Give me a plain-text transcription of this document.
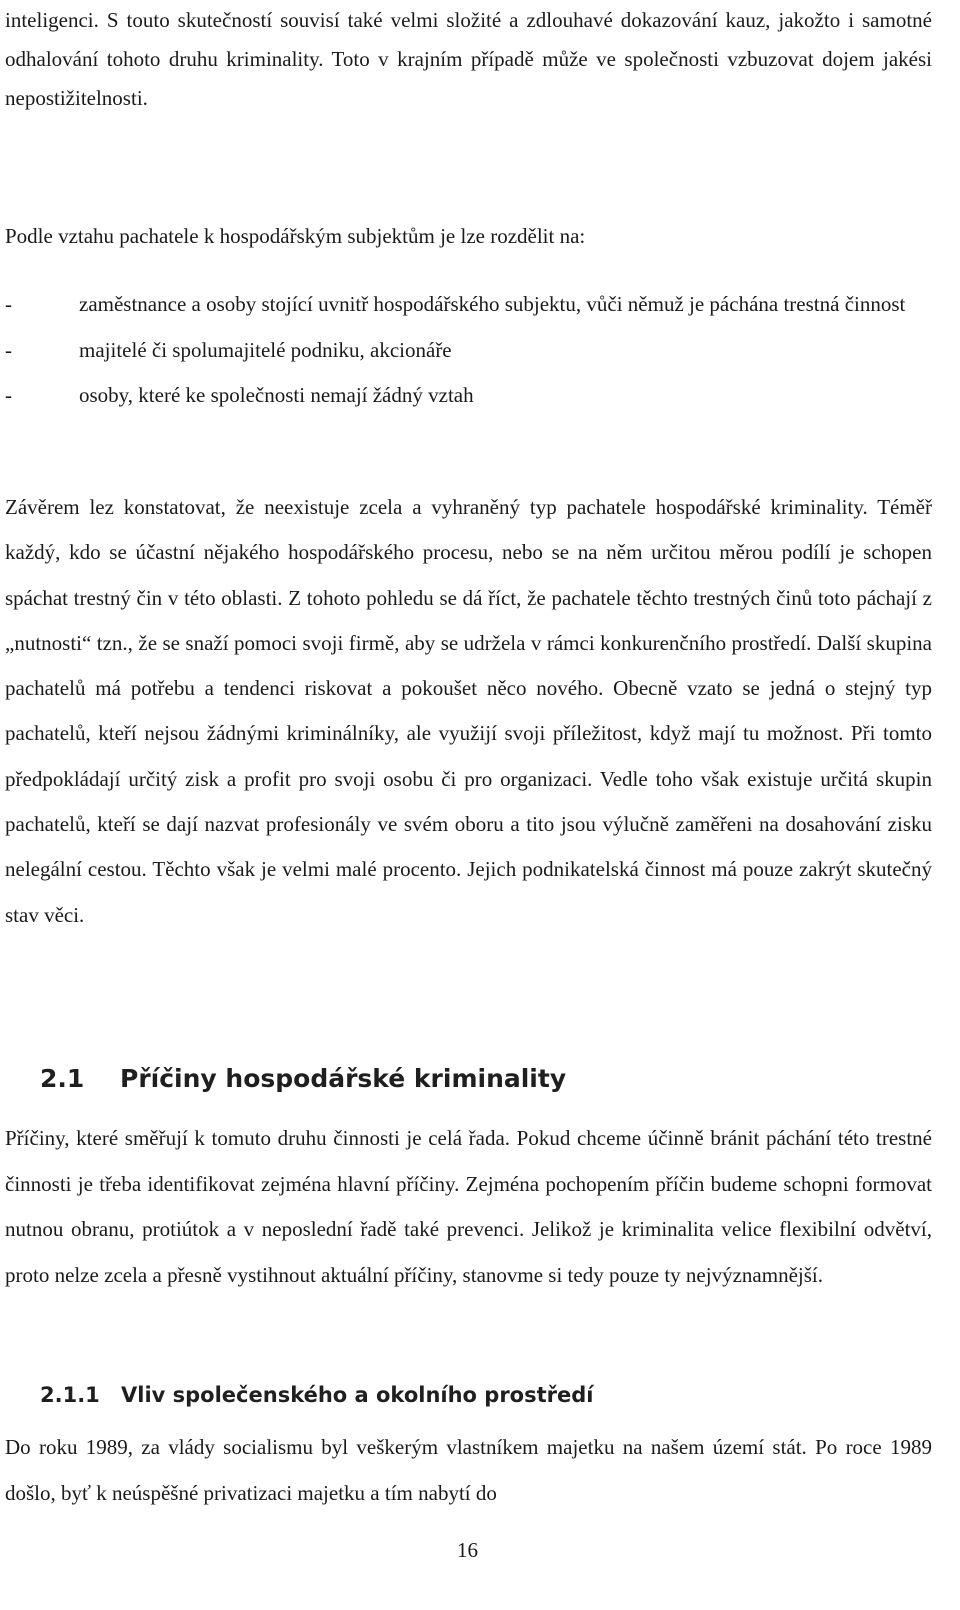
inteligenci. S touto skutečností souvisí také velmi složité a zdlouhavé dokazování kauz, jakožto i samotné odhalování tohoto druhu kriminality. Toto v krajním případě může ve společnosti vzbuzovat dojem jakési nepostižitelnosti.
Podle vztahu pachatele k hospodářským subjektům je lze rozdělit na:
-	zaměstnance a osoby stojící uvnitř hospodářského subjektu, vůči němuž je páchána trestná činnost
-	majitelé či spolumajitelé podniku, akcionáře
-	osoby, které ke společnosti nemají žádný vztah
Závěrem lez konstatovat, že neexistuje zcela a vyhraněný typ pachatele hospodářské kriminality. Téměř každý, kdo se účastní nějakého hospodářského procesu, nebo se na něm určitou měrou podílí je schopen spáchat trestný čin v této oblasti. Z tohoto pohledu se dá říct, že pachatele těchto trestných činů toto páchají z „nutnosti“ tzn., že se snaží pomoci svoji firmě, aby se udržela v rámci konkurenčního prostředí. Další skupina pachatelů má potřebu a tendenci riskovat a pokoušet něco nového. Obecně vzato se jedná o stejný typ pachatelů, kteří nejsou žádnými kriminálníky, ale využijí svoji příležitost, když mají tu možnost. Při tomto předpokládají určitý zisk a profit pro svoji osobu či pro organizaci. Vedle toho však existuje určitá skupin pachatelů, kteří se dají nazvat profesionály ve svém oboru a tito jsou výlučně zaměřeni na dosahování zisku nelegální cestou. Těchto však je velmi malé procento. Jejich podnikatelská činnost má pouze zakrýt skutečný stav věci.
2.1 Příčiny hospodářské kriminality
Příčiny, které směřují k tomuto druhu činnosti je celá řada. Pokud chceme účinně bránit páchání této trestné činnosti je třeba identifikovat zejména hlavní příčiny. Zejména pochopením příčin budeme schopni formovat nutnou obranu, protiútok a v neposlední řadě také prevenci. Jelikož je kriminalita velice flexibilní odvětví, proto nelze zcela a přesně vystihnout aktuální příčiny, stanovme si tedy pouze ty nejvýznamnější.
2.1.1 Vliv společenského a okolního prostředí
Do roku 1989, za vlády socialismu byl veškerým vlastníkem majetku na našem území stát. Po roce 1989 došlo, byť k neúspěšné privatizaci majetku a tím nabytí do
16
